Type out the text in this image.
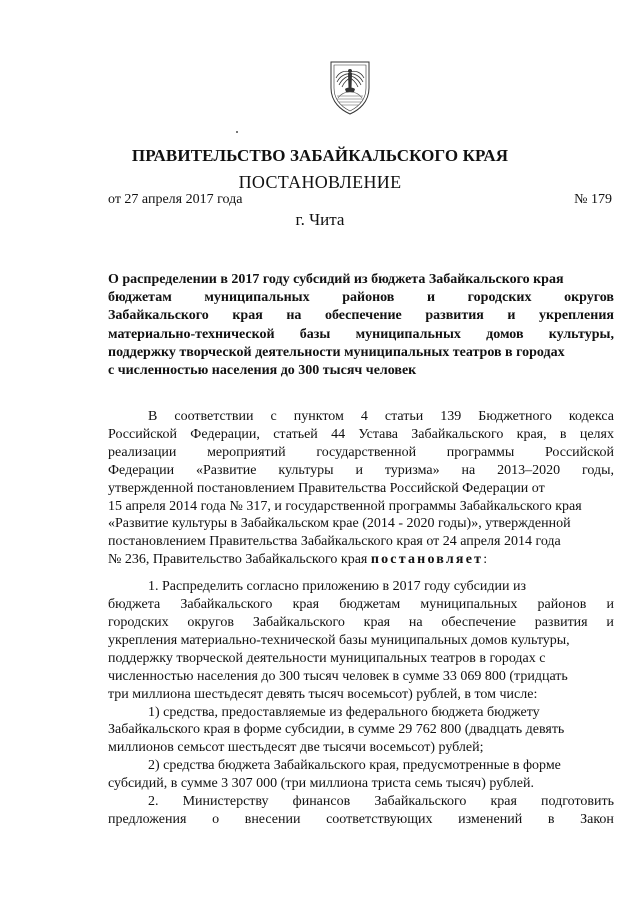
ПРАВИТЕЛЬСТВО ЗАБАЙКАЛЬСКОГО КРАЯ
ПОСТАНОВЛЕНИЕ
от 27 апреля 2017 года	№ 179
г. Чита
О распределении в 2017 году субсидий из бюджета Забайкальского края
бюджетам муниципальных районов и городских округов
Забайкальского края на обеспечение развития и укрепления
материально-технической базы муниципальных домов культуры,
поддержку творческой деятельности муниципальных театров в городах
с численностью населения до 300 тысяч человек
В соответствии с пунктом 4 статьи 139 Бюджетного кодекса
Российской Федерации, статьей 44 Устава Забайкальского края, в целях
реализации мероприятий государственной программы Российской
Федерации «Развитие культуры и туризма» на 2013–2020 годы,
утвержденной постановлением Правительства Российской Федерации от
15 апреля 2014 года № 317, и государственной программы Забайкальского края
«Развитие культуры в Забайкальском крае (2014 - 2020 годы)», утвержденной
постановлением Правительства Забайкальского края от 24 апреля 2014 года
№ 236, Правительство Забайкальского края постановляет:
1. Распределить согласно приложению в 2017 году субсидии из
бюджета Забайкальского края бюджетам муниципальных районов и
городских округов Забайкальского края на обеспечение развития и
укрепления материально-технической базы муниципальных домов культуры,
поддержку творческой деятельности муниципальных театров в городах с
численностью населения до 300 тысяч человек в сумме 33 069 800 (тридцать
три миллиона шестьдесят девять тысяч восемьсот) рублей, в том числе:
1) средства, предоставляемые из федерального бюджета бюджету
Забайкальского края в форме субсидии, в сумме 29 762 800 (двадцать девять
миллионов семьсот шестьдесят две тысячи восемьсот) рублей;
2) средства бюджета Забайкальского края, предусмотренные в форме
субсидий, в сумме 3 307 000 (три миллиона триста семь тысяч) рублей.
2. Министерству финансов Забайкальского края подготовить
предложения о внесении соответствующих изменений в Закон
